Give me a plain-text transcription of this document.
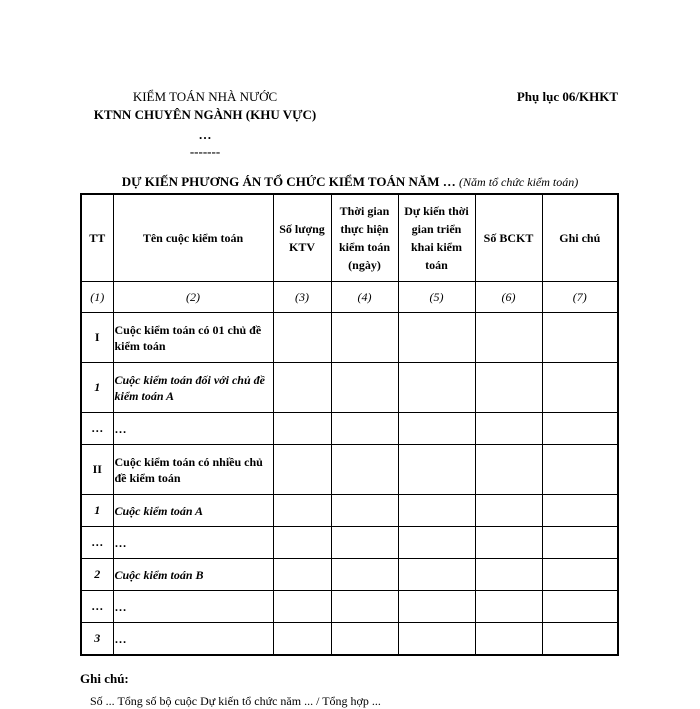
KIỂM TOÁN NHÀ NƯỚC
KTNN CHUYÊN NGÀNH (KHU VỰC)
…
-------
Phụ lục 06/KHKT
DỰ KIẾN PHƯƠNG ÁN TỔ CHỨC KIỂM TOÁN NĂM … (Năm tổ chức kiểm toán)
TT	Tên cuộc kiểm toán	Số lượng KTV	Thời gian thực hiện kiểm toán (ngày)	Dự kiến thời gian triển khai kiểm toán	Số BCKT	Ghi chú
(1)	(2)	(3)	(4)	(5)	(6)	(7)
I	Cuộc kiểm toán có 01 chủ đề kiểm toán					
1	Cuộc kiểm toán đối với chủ đề kiểm toán A					
…	…					
II	Cuộc kiểm toán có nhiều chủ đề kiểm toán					
1	Cuộc kiểm toán A					
…	…					
2	Cuộc kiểm toán B					
…	…					
3	…					
Ghi chú:
Số ... Tổng số bộ cuộc Dự kiến tổ chức năm ... / Tổng hợp ...
